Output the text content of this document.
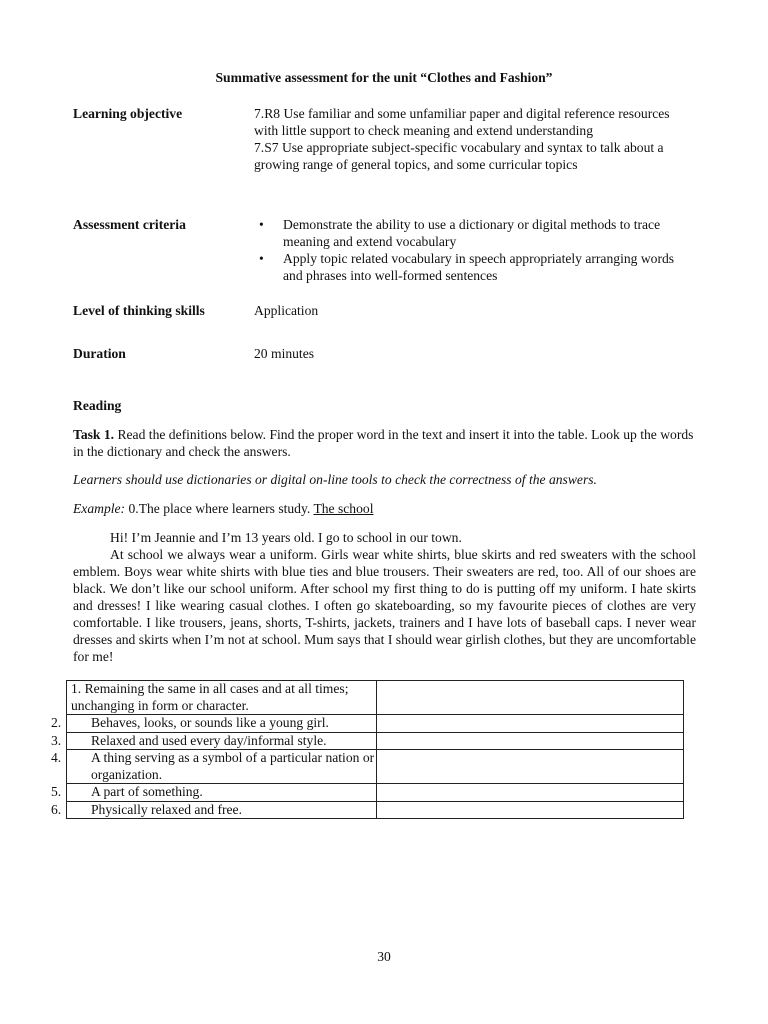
Summative assessment for the unit “Clothes and Fashion”
Learning objective	7.R8 Use familiar and some unfamiliar paper and digital reference resources with little support to check meaning and extend understanding
7.S7 Use appropriate subject-specific vocabulary and syntax to talk about a growing range of general topics, and some curricular topics
Assessment criteria	• Demonstrate the ability to use a dictionary or digital methods to trace meaning and extend vocabulary
• Apply topic related vocabulary in speech appropriately arranging words and phrases into well-formed sentences
Level of thinking skills	Application
Duration	20 minutes
Reading
Task 1. Read the definitions below. Find the proper word in the text and insert it into the table. Look up the words in the dictionary and check the answers.
Learners should use dictionaries or digital on-line tools to check the correctness of the answers.
Example: 0.The place where learners study. The school
Hi! I’m Jeannie and I’m 13 years old. I go to school in our town.
At school we always wear a uniform. Girls wear white shirts, blue skirts and red sweaters with the school emblem. Boys wear white shirts with blue ties and blue trousers. Their sweaters are red, too. All of our shoes are black. We don’t like our school uniform. After school my first thing to do is putting off my uniform. I hate skirts and dresses! I like wearing casual clothes. I often go skateboarding, so my favourite pieces of clothes are very comfortable. I like trousers, jeans, shorts, T-shirts, jackets, trainers and I have lots of baseball caps. I never wear dresses and skirts when I’m not at school. Mum says that I should wear girlish clothes, but they are uncomfortable for me!
1. Remaining the same in all cases and at all times; unchanging in form or character.	

2. Behaves, looks, or sounds like a young girl.	

3. Relaxed and used every day/informal style.	

4. A thing serving as a symbol of a particular nation or organization.	

5. A part of something.	

6. Physically relaxed and free.	

30
